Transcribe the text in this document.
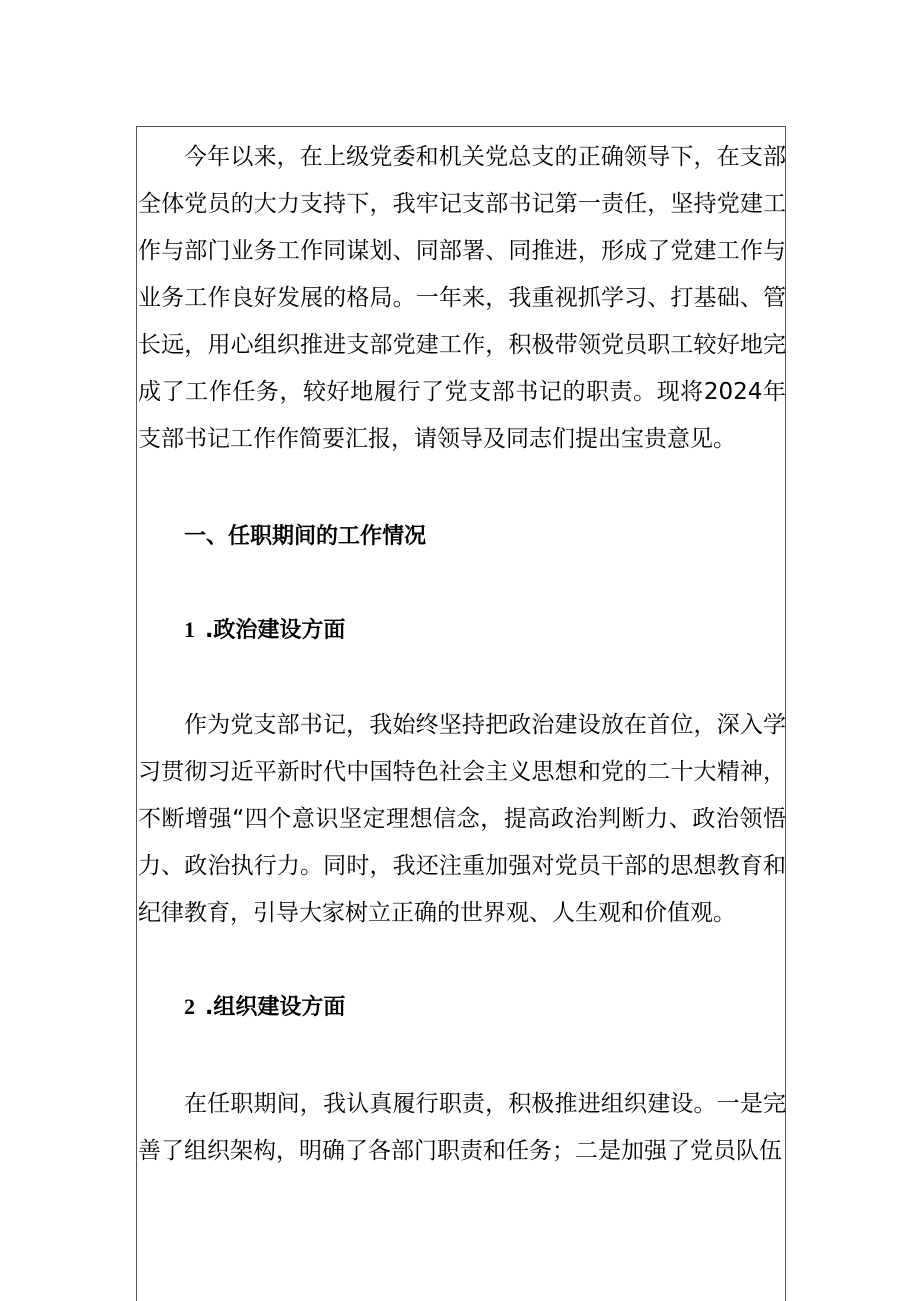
今年以来，在上级党委和机关党总支的正确领导下，在支部全体党员的大力支持下，我牢记支部书记第一责任，坚持党建工作与部门业务工作同谋划、同部署、同推进，形成了党建工作与业务工作良好发展的格局。一年来，我重视抓学习、打基础、管长远，用心组织推进支部党建工作，积极带领党员职工较好地完成了工作任务，较好地履行了党支部书记的职责。现将2024年支部书记工作作简要汇报，请领导及同志们提出宝贵意见。

一、任职期间的工作情况

1 .政治建设方面

作为党支部书记，我始终坚持把政治建设放在首位，深入学习贯彻习近平新时代中国特色社会主义思想和党的二十大精神，不断增强“四个意识坚定理想信念，提高政治判断力、政治领悟力、政治执行力。同时，我还注重加强对党员干部的思想教育和纪律教育，引导大家树立正确的世界观、人生观和价值观。

2 .组织建设方面

在任职期间，我认真履行职责，积极推进组织建设。一是完善了组织架构，明确了各部门职责和任务；二是加强了党员队伍
